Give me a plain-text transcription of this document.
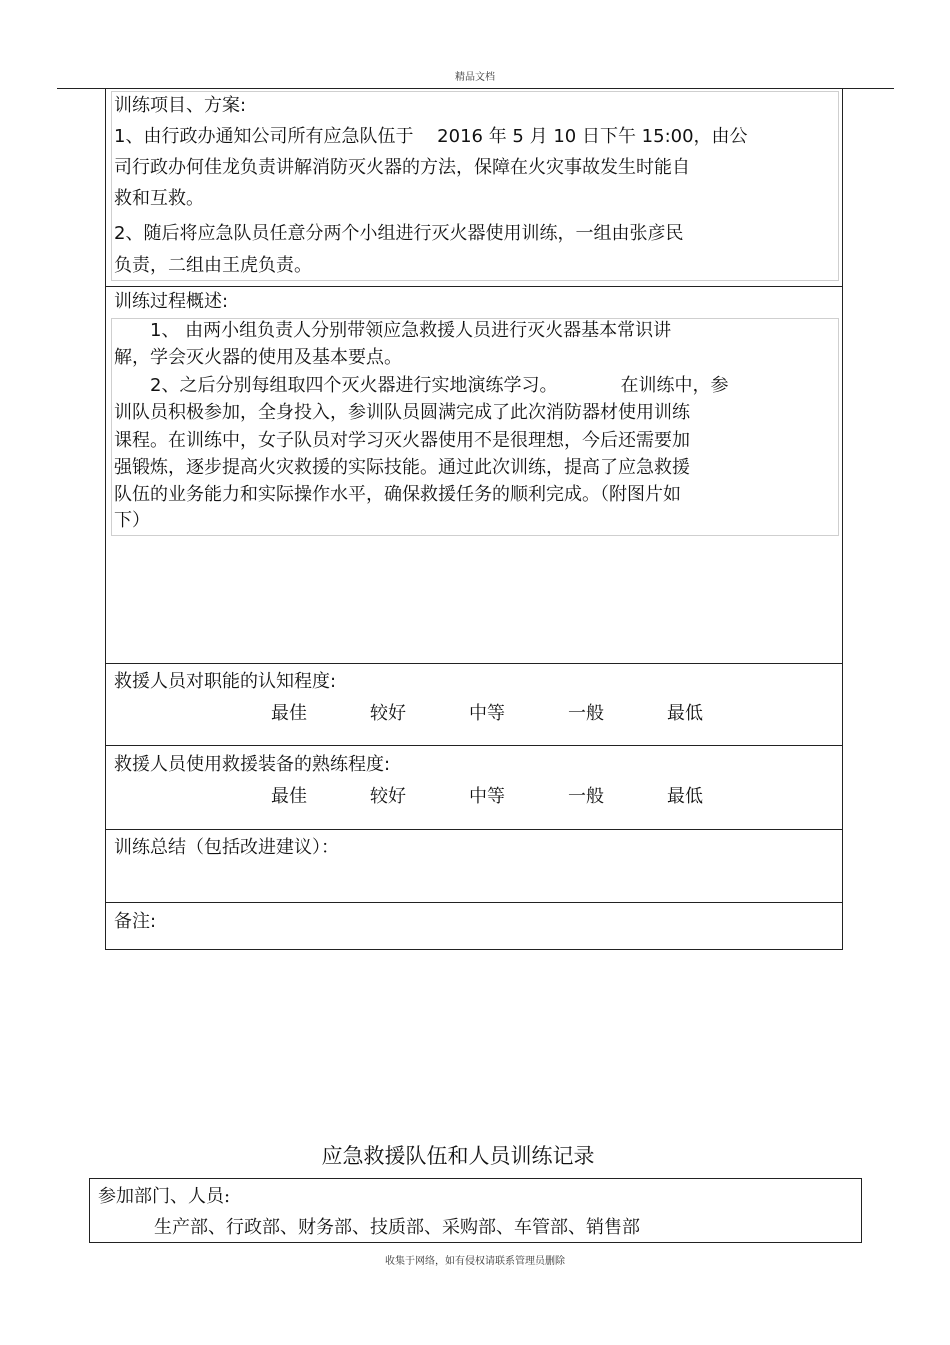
精品文档
训练项目、方案:
1、由行政办通知公司所有应急队伍于　 2016 年 5 月 10 日下午 15:00，由公
司行政办何佳龙负责讲解消防灭火器的方法，保障在火灾事故发生时能自
救和互救。
2、随后将应急队员任意分两个小组进行灭火器使用训练，一组由张彦民
负责，二组由王虎负责。
训练过程概述:
　　1、 由两小组负责人分别带领应急救援人员进行灭火器基本常识讲
解，学会灭火器的使用及基本要点。
　　2、之后分别每组取四个灭火器进行实地演练学习。　　　　在训练中，参
训队员积极参加，全身投入，参训队员圆满完成了此次消防器材使用训练
课程。在训练中，女子队员对学习灭火器使用不是很理想，今后还需要加
强锻炼，逐步提高火灾救援的实际技能。通过此次训练，提高了应急救援
队伍的业务能力和实际操作水平，确保救援任务的顺利完成。（附图片如
下）
救援人员对职能的认知程度:
最佳	较好	中等	一般	最低
救援人员使用救援装备的熟练程度:
最佳	较好	中等	一般	最低
训练总结（包括改进建议）：
备注:
应急救援队伍和人员训练记录
参加部门、人员:
生产部、行政部、财务部、技质部、采购部、车管部、销售部
收集于网络，如有侵权请联系管理员删除
